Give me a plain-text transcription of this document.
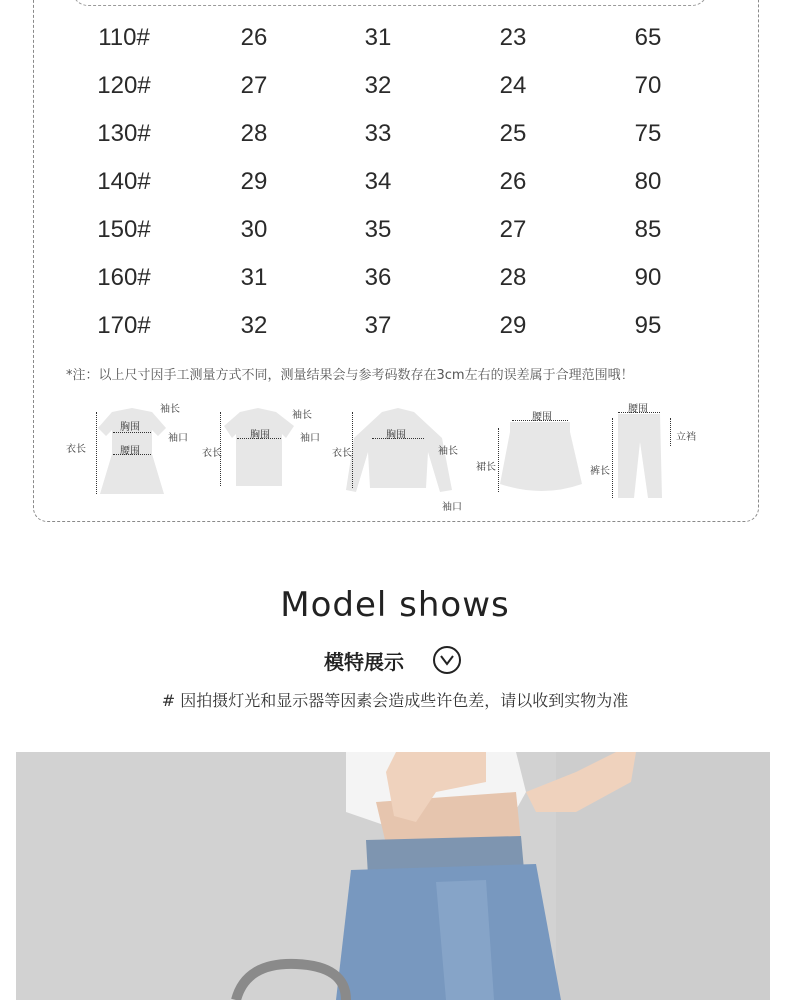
110#	26	31	23	65
120#	27	32	24	70
130#	28	33	25	75
140#	29	34	26	80
150#	30	35	27	85
160#	31	36	28	90
170#	32	37	29	95
*注：以上尺寸因手工测量方式不同，测量结果会与参考码数存在3cm左右的误差属于合理范围哦！
袖长
胸围
袖口
衣长	腰围
袖长
胸围	袖口
衣长
胸围
衣长	袖长
袖口
腰围
裙长
腰围
立裆
裤长
Model shows
模特展示
# 因拍摄灯光和显示器等因素会造成些许色差，请以收到实物为准
